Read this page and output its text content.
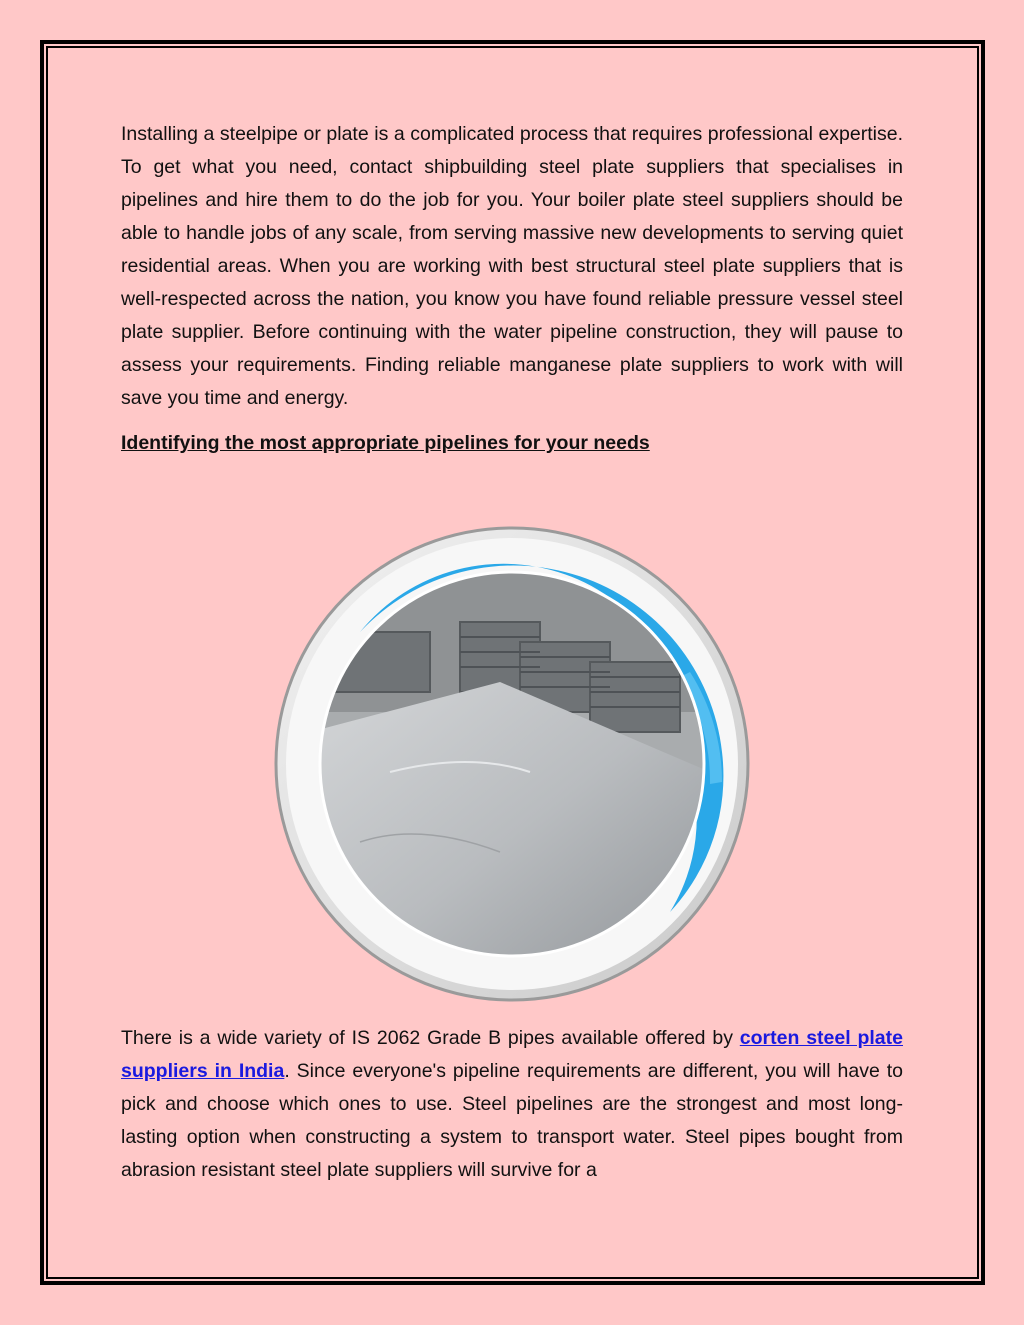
Installing a steelpipe or plate is a complicated process that requires professional expertise. To get what you need, contact shipbuilding steel plate suppliers that specialises in pipelines and hire them to do the job for you. Your boiler plate steel suppliers should be able to handle jobs of any scale, from serving massive new developments to serving quiet residential areas. When you are working with best structural steel plate suppliers that is well-respected across the nation, you know you have found reliable pressure vessel steel plate supplier. Before continuing with the water pipeline construction, they will pause to assess your requirements. Finding reliable manganese plate suppliers to work with will save you time and energy.

Identifying the most appropriate pipelines for your needs

There is a wide variety of IS 2062 Grade B pipes available offered by corten steel plate suppliers in India. Since everyone's pipeline requirements are different, you will have to pick and choose which ones to use. Steel pipelines are the strongest and most long-lasting option when constructing a system to transport water. Steel pipes bought from abrasion resistant steel plate suppliers will survive for a
